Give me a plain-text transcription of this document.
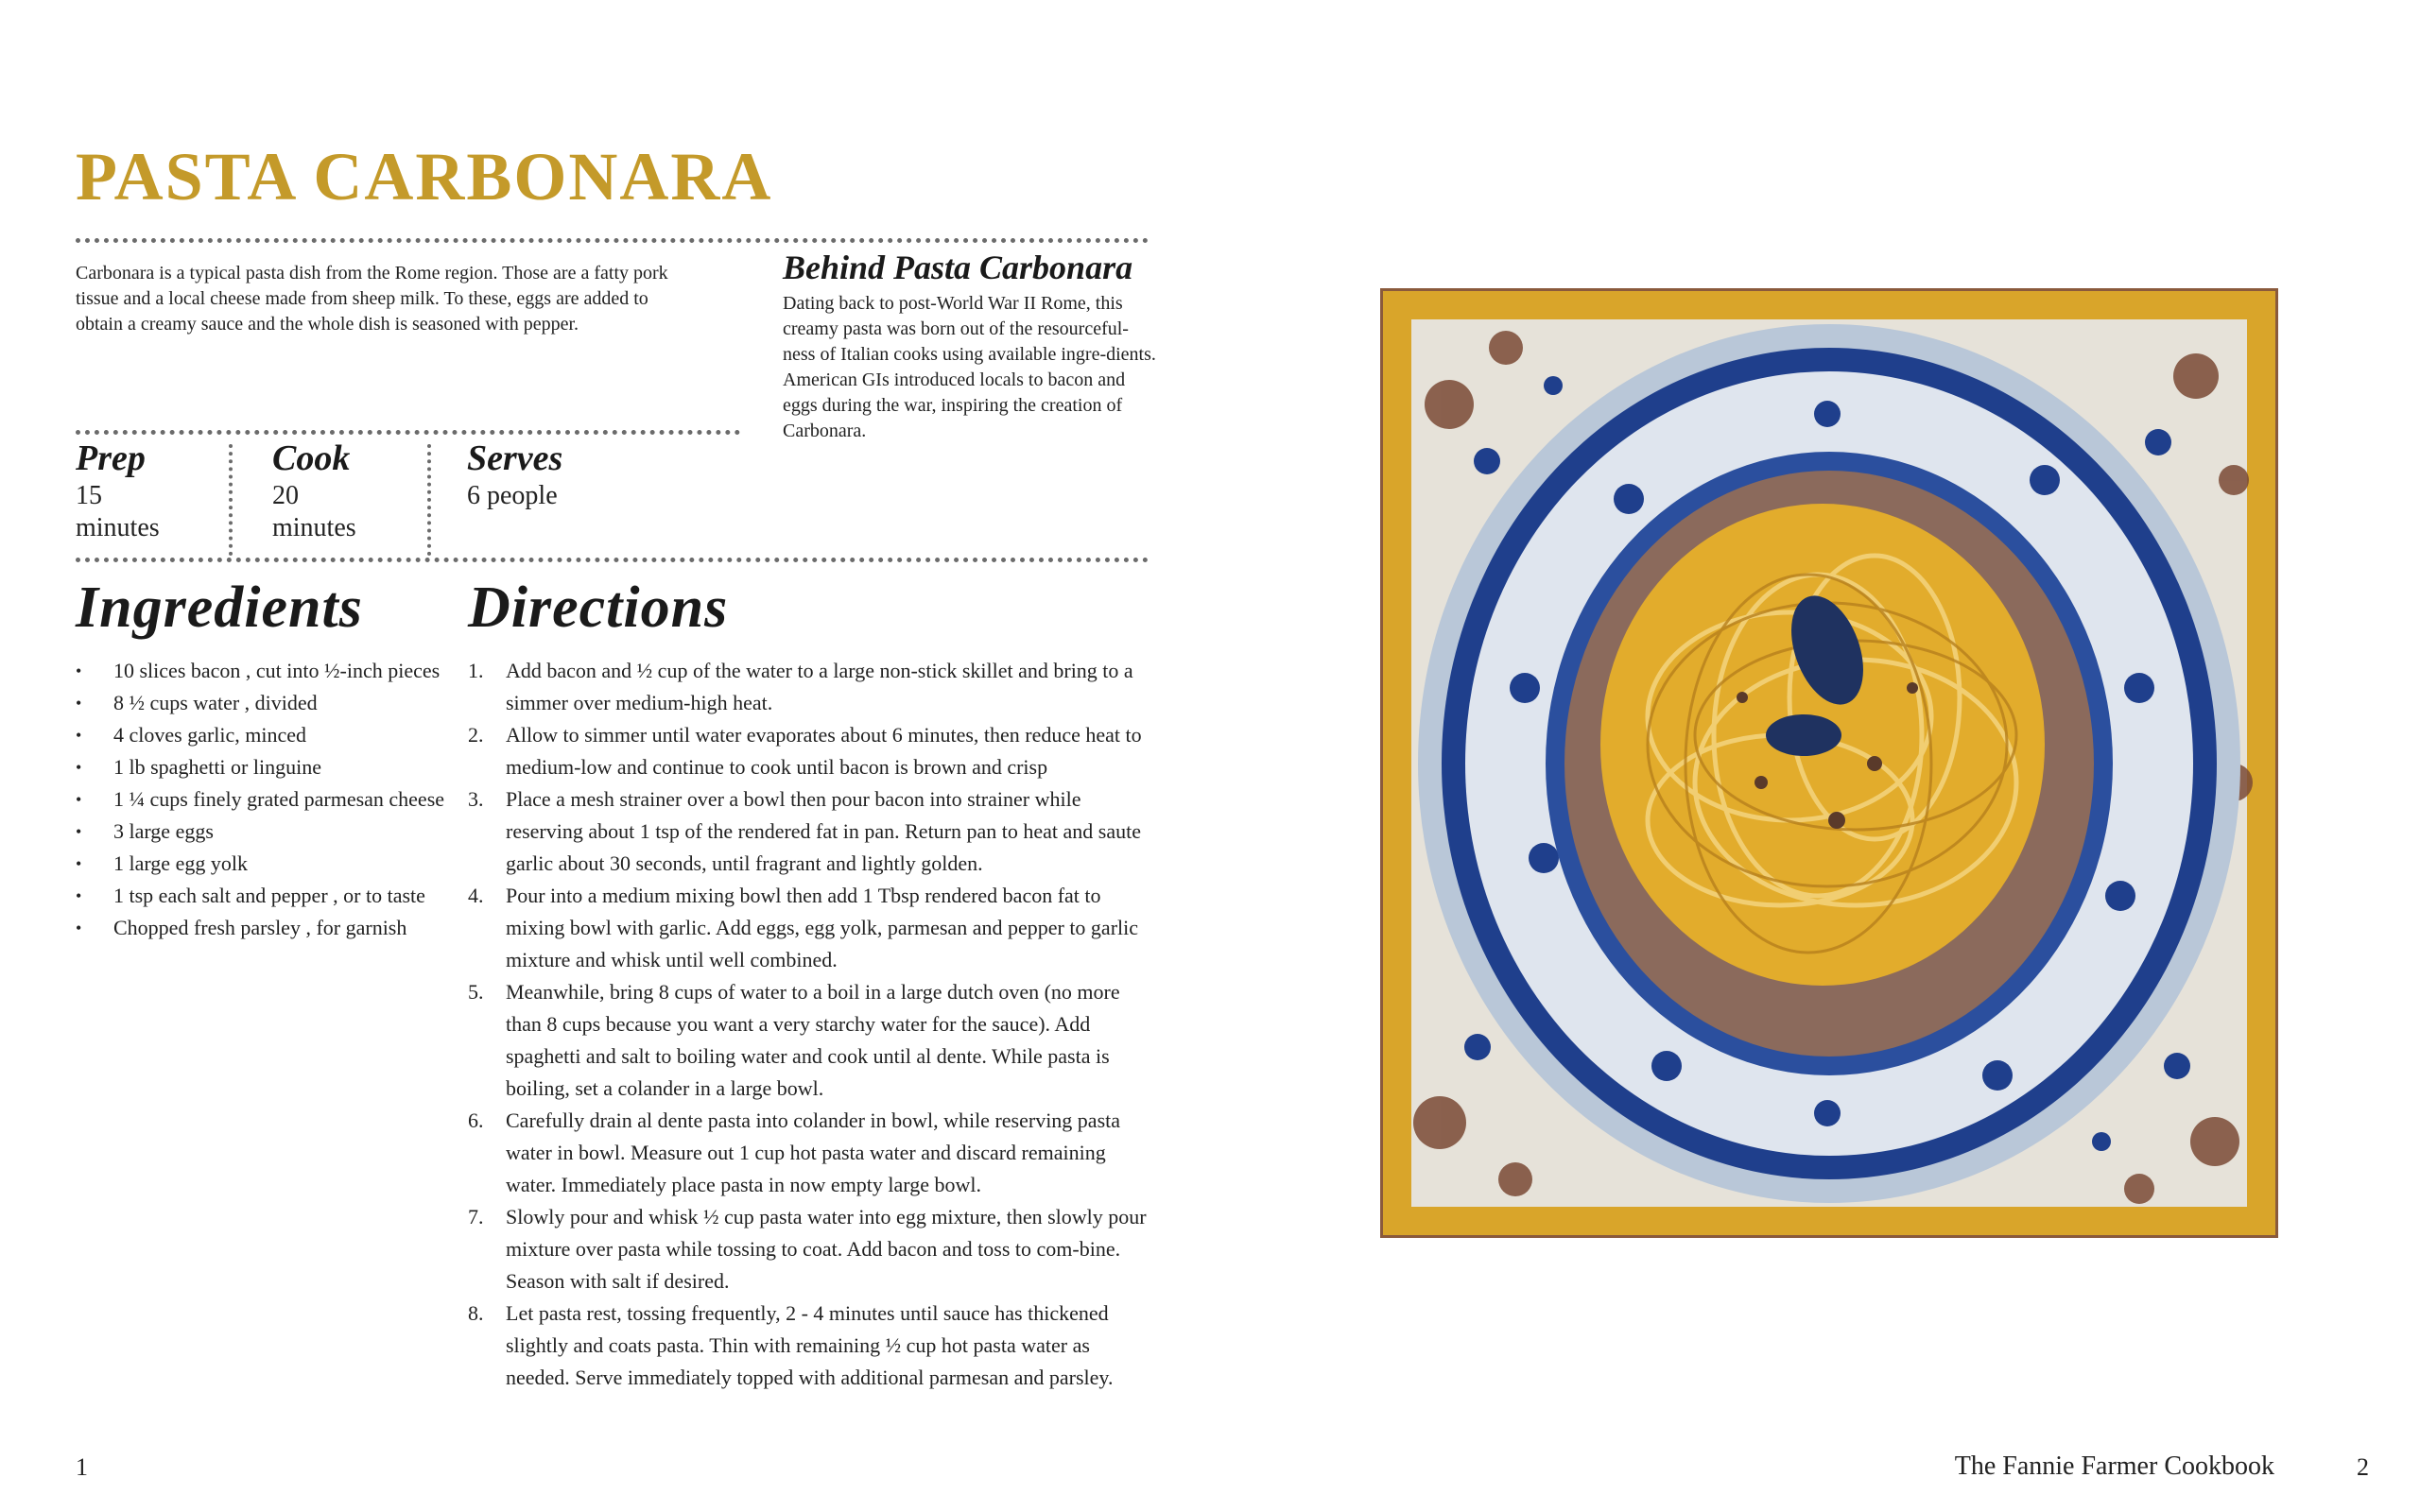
PASTA CARBONARA

Carbonara is a typical pasta dish from the Rome region. Those are a fatty pork tissue and a local cheese made from sheep milk. To these, eggs are added to obtain a creamy sauce and the whole dish is seasoned with pepper.

Behind Pasta Carbonara
Dating back to post-World War II Rome, this creamy pasta was born out of the resourceful-ness of Italian cooks using available ingre-dients. American GIs introduced locals to bacon and eggs during the war, inspiring the creation of Carbonara.
Prep
15 minutes
Cook
20 minutes
Serves
6 people
Ingredients Directions
• 10 slices bacon , cut into ½-inch pieces
• 8 ½ cups water , divided
• 4 cloves garlic, minced
• 1 lb spaghetti or linguine
• 1 ¼ cups finely grated parmesan cheese
• 3 large eggs
• 1 large egg yolk
• 1 tsp each salt and pepper , or to taste
• Chopped fresh parsley , for garnish
1. Add bacon and ½ cup of the water to a large non-stick skillet and bring to a simmer over medium-high heat.
2. Allow to simmer until water evaporates about 6 minutes, then reduce heat to medium-low and continue to cook until bacon is brown and crisp
3. Place a mesh strainer over a bowl then pour bacon into strainer while reserving about 1 tsp of the rendered fat in pan. Return pan to heat and saute garlic about 30 seconds, until fragrant and lightly golden.
4. Pour into a medium mixing bowl then add 1 Tbsp rendered bacon fat to mixing bowl with garlic. Add eggs, egg yolk, parmesan and pepper to garlic mixture and whisk until well combined.
5. Meanwhile, bring 8 cups of water to a boil in a large dutch oven (no more than 8 cups because you want a very starchy water for the sauce). Add spaghetti and salt to boiling water and cook until al dente. While pasta is boiling, set a colander in a large bowl.
6. Carefully drain al dente pasta into colander in bowl, while reserving pasta water in bowl. Measure out 1 cup hot pasta water and discard remaining water. Immediately place pasta in now empty large bowl.
7. Slowly pour and whisk ½ cup pasta water into egg mixture, then slowly pour mixture over pasta while tossing to coat. Add bacon and toss to com-bine. Season with salt if desired.
8. Let pasta rest, tossing frequently, 2 - 4 minutes until sauce has thickened slightly and coats pasta. Thin with remaining ½ cup hot pasta water as needed. Serve immediately topped with additional parmesan and parsley.
1	The Fannie Farmer Cookbook	2
